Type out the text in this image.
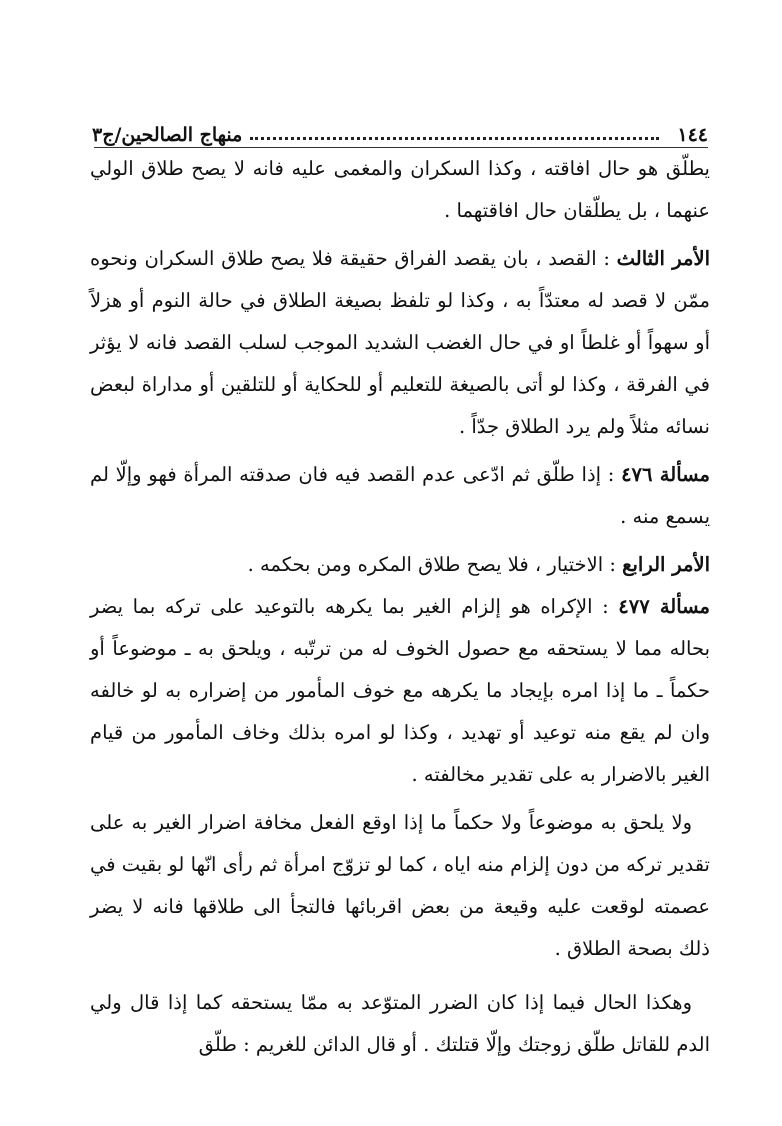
١٤٤
منهاج الصالحين/ج٣

يطلّق هو حال افاقته ، وكذا السكران والمغمى عليه فانه لا يصح طلاق الولي عنهما ، بل يطلّقان حال افاقتهما .

الأمر الثالث : القصد ، بان يقصد الفراق حقيقة فلا يصح طلاق السكران ونحوه ممّن لا قصد له معتدّاً به ، وكذا لو تلفظ بصيغة الطلاق في حالة النوم أو هزلاً أو سهواً أو غلطاً او في حال الغضب الشديد الموجب لسلب القصد فانه لا يؤثر في الفرقة ، وكذا لو أتى بالصيغة للتعليم أو للحكاية أو للتلقين أو مداراة لبعض نسائه مثلاً ولم يرد الطلاق جدّاً .

مسألة ٤٧٦ : إذا طلّق ثم ادّعى عدم القصد فيه فان صدقته المرأة فهو وإلّا لم يسمع منه .

الأمر الرابع : الاختيار ، فلا يصح طلاق المكره ومن بحكمه .

مسألة ٤٧٧ : الإكراه هو إلزام الغير بما يكرهه بالتوعيد على تركه بما يضر بحاله مما لا يستحقه مع حصول الخوف له من ترتّبه ، ويلحق به ـ موضوعاً أو حكماً ـ ما إذا امره بإيجاد ما يكرهه مع خوف المأمور من إضراره به لو خالفه وان لم يقع منه توعيد أو تهديد ، وكذا لو امره بذلك وخاف المأمور من قيام الغير بالاضرار به على تقدير مخالفته .

ولا يلحق به موضوعاً ولا حكماً ما إذا اوقع الفعل مخافة اضرار الغير به على تقدير تركه من دون إلزام منه اياه ، كما لو تزوّج امرأة ثم رأى انّها لو بقيت في عصمته لوقعت عليه وقيعة من بعض اقربائها فالتجأ الى طلاقها فانه لا يضر ذلك بصحة الطلاق .

وهكذا الحال فيما إذا كان الضرر المتوّعد به ممّا يستحقه كما إذا قال ولي الدم للقاتل طلّق زوجتك وإلّا قتلتك . أو قال الدائن للغريم : طلّق
